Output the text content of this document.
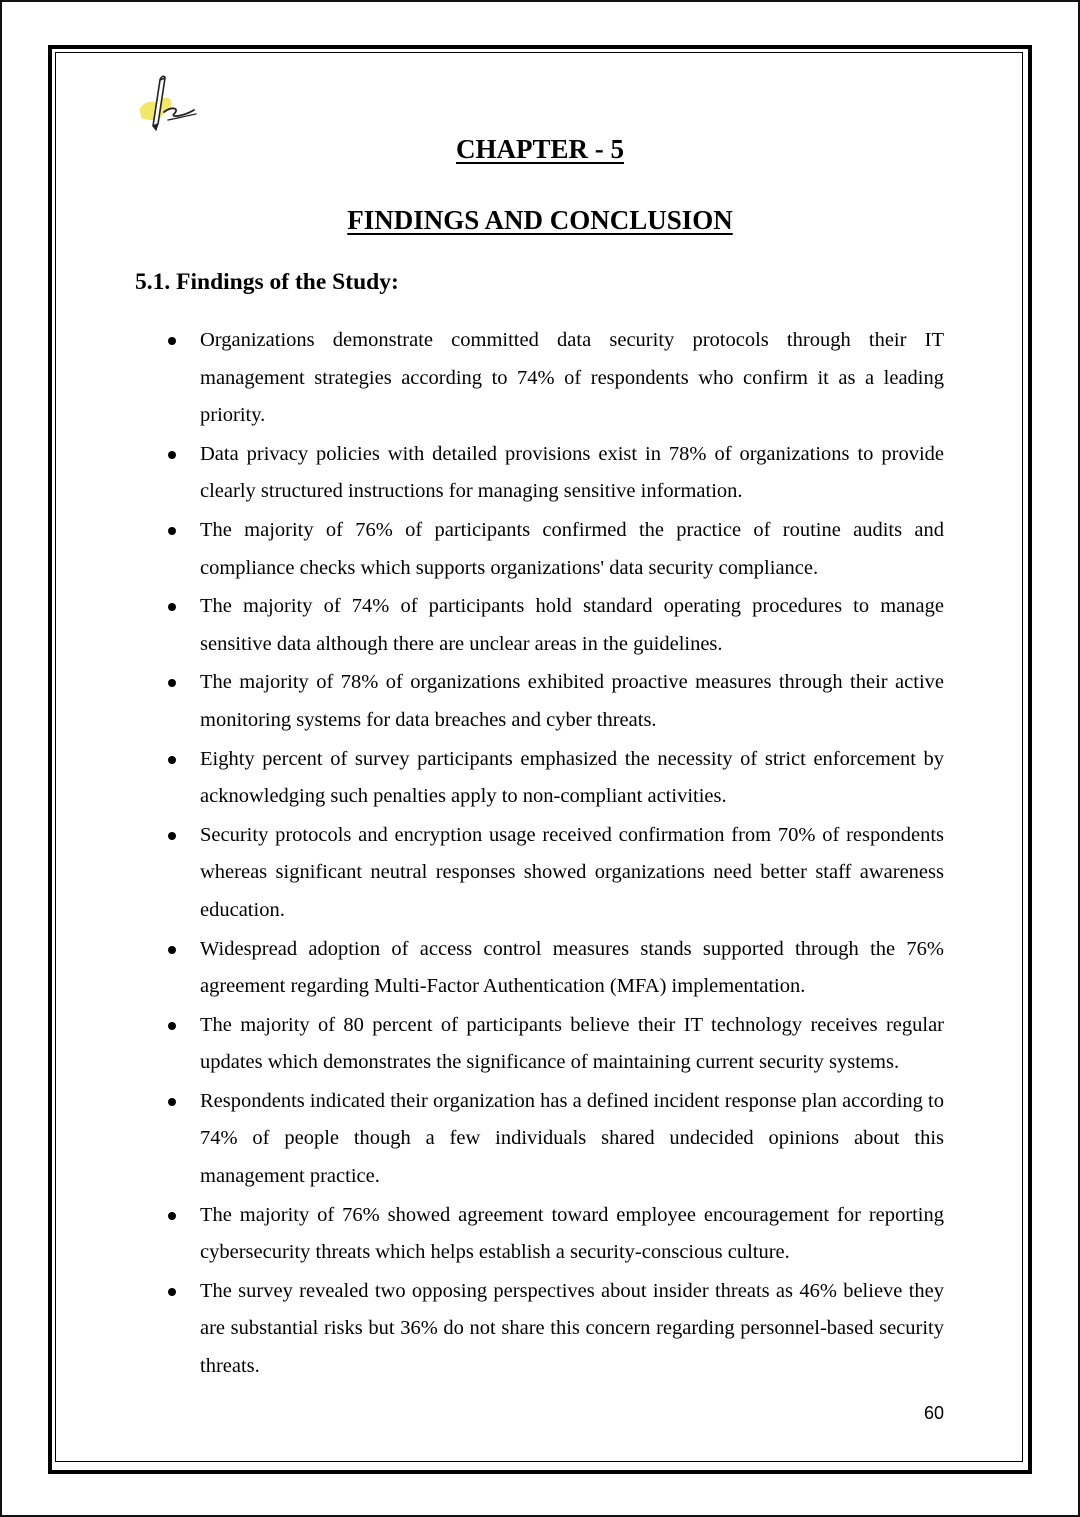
CHAPTER - 5
FINDINGS AND CONCLUSION
5.1. Findings of the Study:
Organizations demonstrate committed data security protocols through their IT management strategies according to 74% of respondents who confirm it as a leading priority.
Data privacy policies with detailed provisions exist in 78% of organizations to provide clearly structured instructions for managing sensitive information.
The majority of 76% of participants confirmed the practice of routine audits and compliance checks which supports organizations' data security compliance.
The majority of 74% of participants hold standard operating procedures to manage sensitive data although there are unclear areas in the guidelines.
The majority of 78% of organizations exhibited proactive measures through their active monitoring systems for data breaches and cyber threats.
Eighty percent of survey participants emphasized the necessity of strict enforcement by acknowledging such penalties apply to non-compliant activities.
Security protocols and encryption usage received confirmation from 70% of respondents whereas significant neutral responses showed organizations need better staff awareness education.
Widespread adoption of access control measures stands supported through the 76% agreement regarding Multi-Factor Authentication (MFA) implementation.
The majority of 80 percent of participants believe their IT technology receives regular updates which demonstrates the significance of maintaining current security systems.
Respondents indicated their organization has a defined incident response plan according to 74% of people though a few individuals shared undecided opinions about this management practice.
The majority of 76% showed agreement toward employee encouragement for reporting cybersecurity threats which helps establish a security-conscious culture.
The survey revealed two opposing perspectives about insider threats as 46% believe they are substantial risks but 36% do not share this concern regarding personnel-based security threats.
60
